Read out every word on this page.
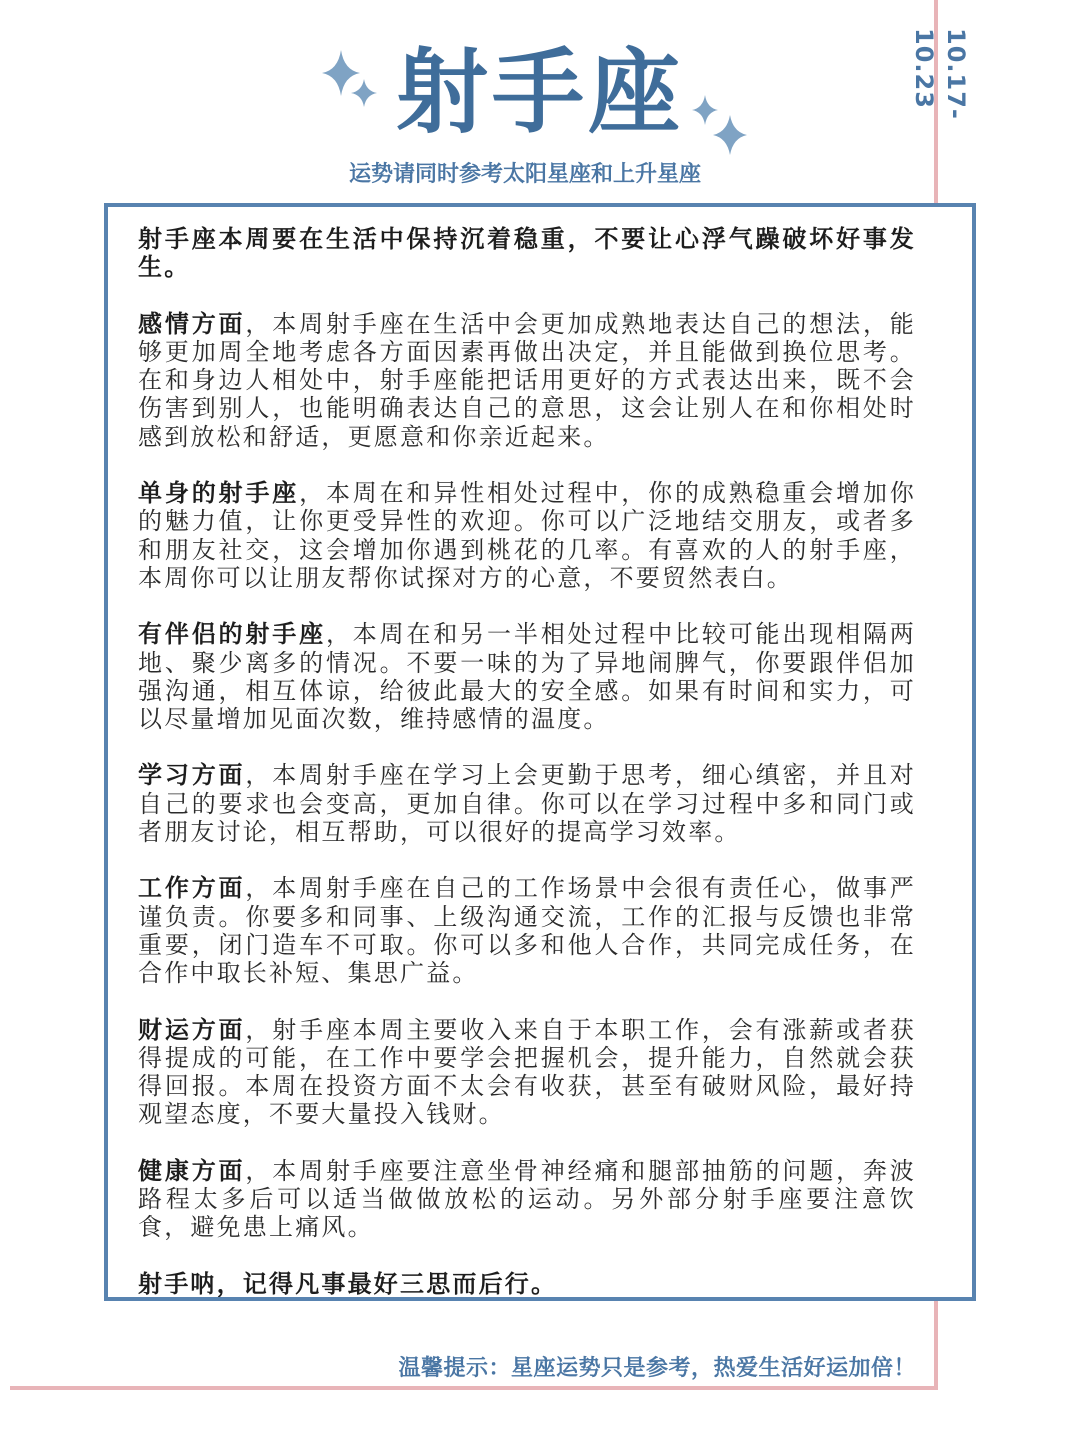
射手座	10.17-10.23
运势请同时参考太阳星座和上升星座

射手座本周要在生活中保持沉着稳重，不要让心浮气躁破坏好事发生。

感情方面，本周射手座在生活中会更加成熟地表达自己的想法，能够更加周全地考虑各方面因素再做出决定，并且能做到换位思考。在和身边人相处中，射手座能把话用更好的方式表达出来，既不会伤害到别人，也能明确表达自己的意思，这会让别人在和你相处时感到放松和舒适，更愿意和你亲近起来。

单身的射手座，本周在和异性相处过程中，你的成熟稳重会增加你的魅力值，让你更受异性的欢迎。你可以广泛地结交朋友，或者多和朋友社交，这会增加你遇到桃花的几率。有喜欢的人的射手座，本周你可以让朋友帮你试探对方的心意，不要贸然表白。

有伴侣的射手座，本周在和另一半相处过程中比较可能出现相隔两地、聚少离多的情况。不要一味的为了异地闹脾气，你要跟伴侣加强沟通，相互体谅，给彼此最大的安全感。如果有时间和实力，可以尽量增加见面次数，维持感情的温度。

学习方面，本周射手座在学习上会更勤于思考，细心缜密，并且对自己的要求也会变高，更加自律。你可以在学习过程中多和同门或者朋友讨论，相互帮助，可以很好的提高学习效率。

工作方面，本周射手座在自己的工作场景中会很有责任心，做事严谨负责。你要多和同事、上级沟通交流，工作的汇报与反馈也非常重要，闭门造车不可取。你可以多和他人合作，共同完成任务，在合作中取长补短、集思广益。

财运方面，射手座本周主要收入来自于本职工作，会有涨薪或者获得提成的可能，在工作中要学会把握机会，提升能力，自然就会获得回报。本周在投资方面不太会有收获，甚至有破财风险，最好持观望态度，不要大量投入钱财。

健康方面，本周射手座要注意坐骨神经痛和腿部抽筋的问题，奔波路程太多后可以适当做做放松的运动。另外部分射手座要注意饮食，避免患上痛风。

射手呐，记得凡事最好三思而后行。

温馨提示：星座运势只是参考，热爱生活好运加倍！
